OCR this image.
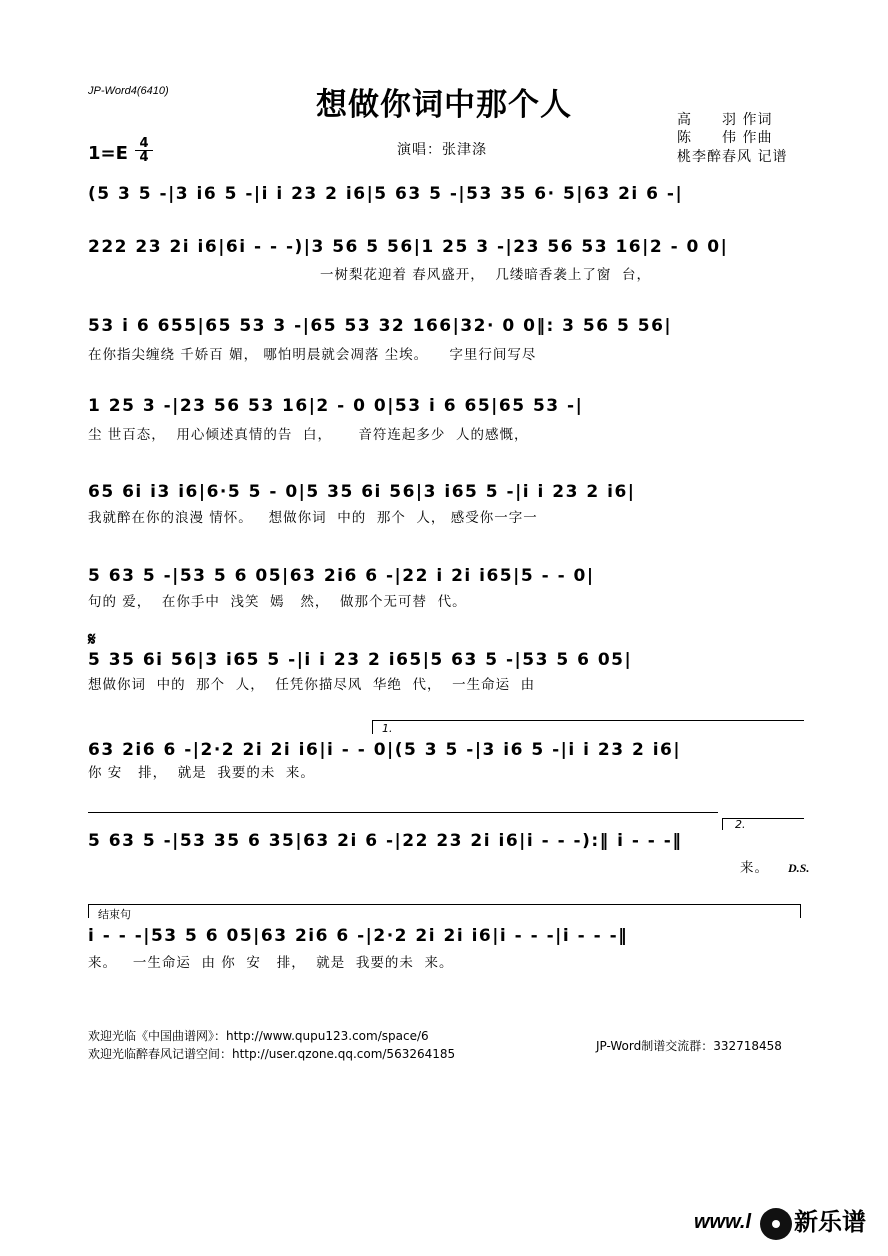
JP-Word4(6410)	想做你词中那个人	高　　羽 作词
陈　　伟 作曲
桃李醉春风 记谱
1=E 4
4	演唱：张津涤
(5 3 5 -|3 i6 5 -|i i 23 2 i6|5 63 5 -|53 35 6· 5|63 2i 6 -|
222 23 2i i6|6i - - -)|3 56 5 56|1 25 3 -|23 56 53 16|2 - 0 0|
一树梨花迎着 春风盛开，  几缕暗香袭上了窗  台，
53 i 6 655|65 53 3 -|65 53 32 166|32· 0 0‖: 3 56 5 56|
在你指尖缠绕 千娇百 媚， 哪怕明晨就会凋落 尘埃。    字里行间写尽
1 25 3 -|23 56 53 16|2 - 0 0|53 i 6 65|65 53 -|
尘 世百态，  用心倾述真情的告  白，     音符连起多少  人的感慨，
65 6i i3 i6|6·5 5 - 0|5 35 6i 56|3 i65 5 -|i i 23 2 i6|
我就醉在你的浪漫 情怀。   想做你词  中的  那个  人， 感受你一字一
5 63 5 -|53 5 6 05|63 2i6 6 -|22 i 2i i65|5 - - 0|
句的 爱，  在你手中  浅笑  嫣   然，  做那个无可替  代。
𝄋
5 35 6i 56|3 i65 5 -|i i 23 2 i65|5 63 5 -|53 5 6 05|
想做你词  中的  那个  人，  任凭你描尽风  华绝  代，  一生命运  由
1.
63 2i6 6 -|2·2 2i 2i i6|i - - 0|(5 3 5 -|3 i6 5 -|i i 23 2 i6|
你 安   排，  就是  我要的未  来。
2.
5 63 5 -|53 35 6 35|63 2i 6 -|22 23 2i i6|i - - -):‖ i - - -‖
来。 D.S.
结束句
i - - -|53 5 6 05|63 2i6 6 -|2·2 2i 2i i6|i - - -|i - - -‖
来。   一生命运  由 你  安   排，  就是  我要的未  来。
欢迎光临《中国曲谱网》：http://www.qupu123.com/space/6
欢迎光临醉春风记谱空间：http://user.qzone.qq.com/563264185
JP-Word制谱交流群：332718458
www.l 新乐谱
